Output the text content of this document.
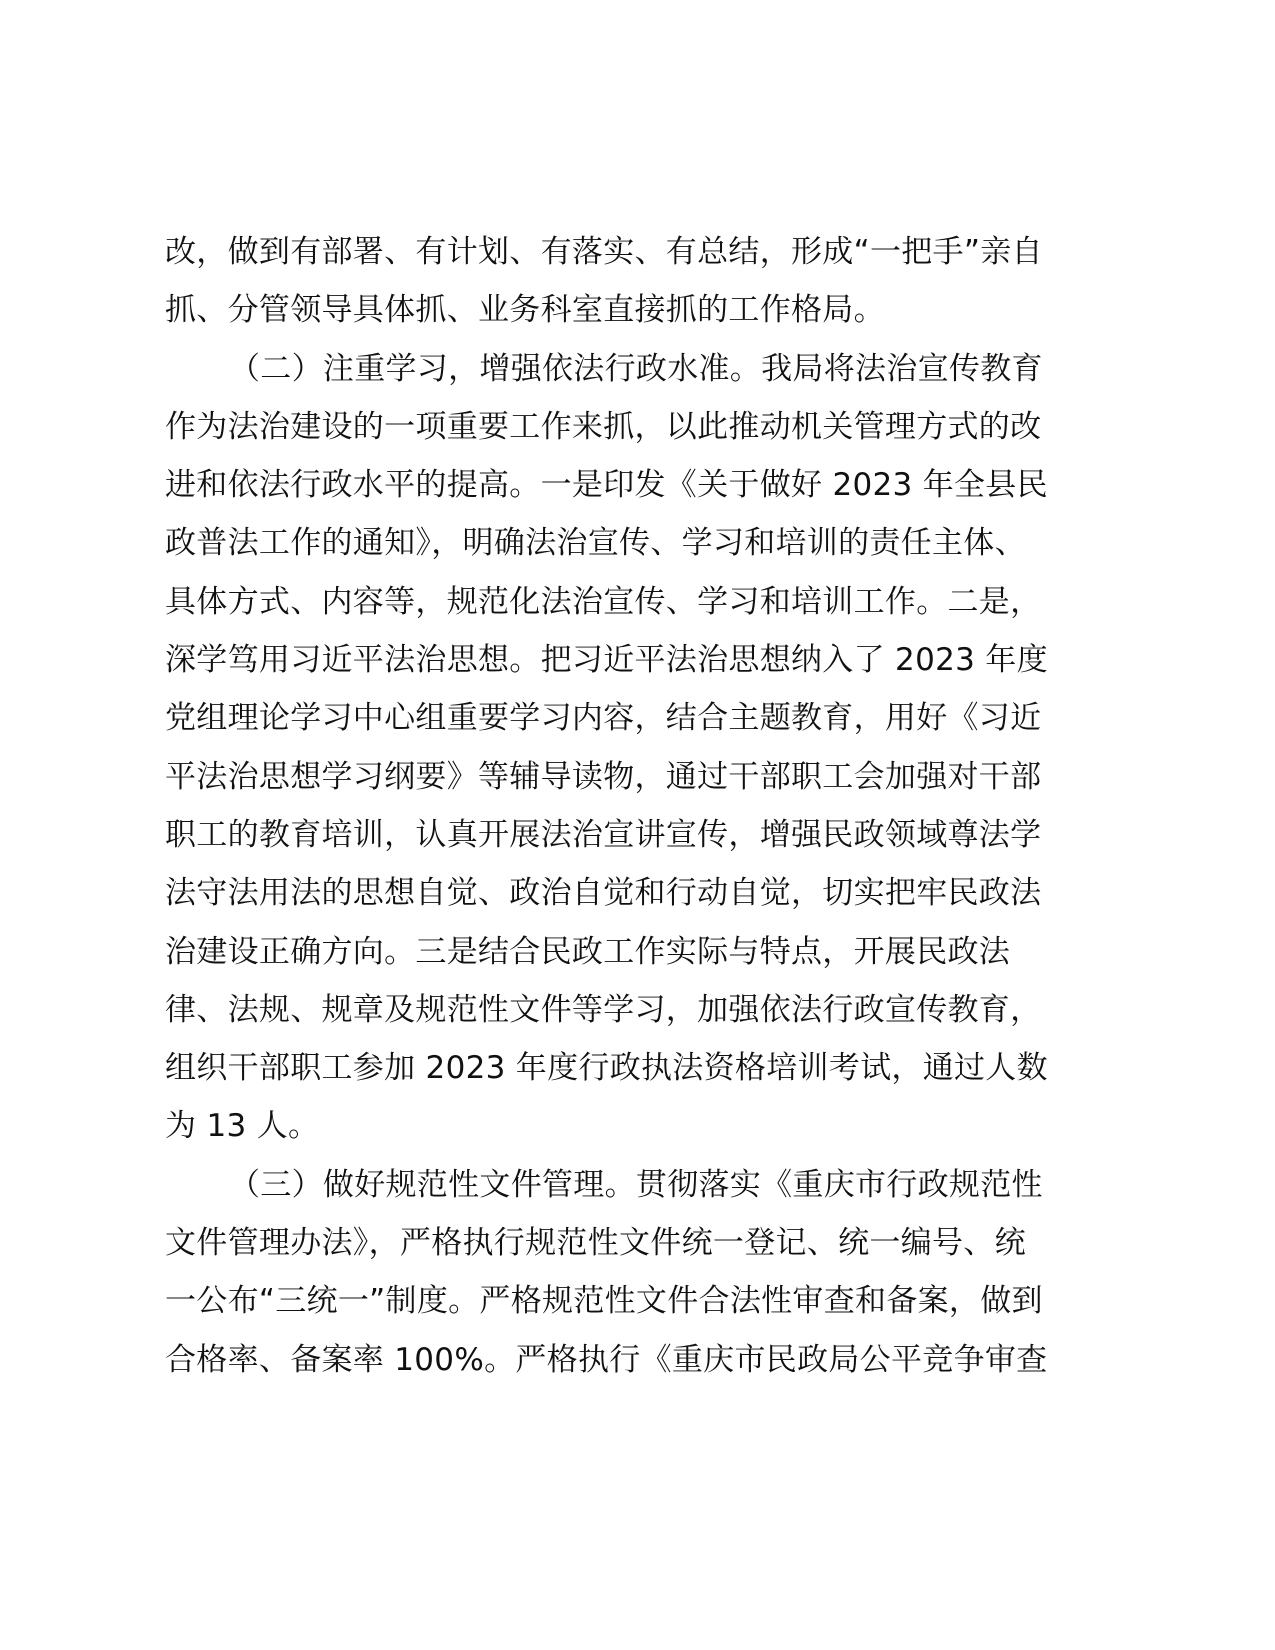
改，做到有部署、有计划、有落实、有总结，形成“一把手”亲自
抓、分管领导具体抓、业务科室直接抓的工作格局。
（二）注重学习，增强依法行政水准。我局将法治宣传教育
作为法治建设的一项重要工作来抓，以此推动机关管理方式的改
进和依法行政水平的提高。一是印发《关于做好 2023 年全县民
政普法工作的通知》，明确法治宣传、学习和培训的责任主体、
具体方式、内容等，规范化法治宣传、学习和培训工作。二是，
深学笃用习近平法治思想。把习近平法治思想纳入了 2023 年度
党组理论学习中心组重要学习内容，结合主题教育，用好《习近
平法治思想学习纲要》等辅导读物，通过干部职工会加强对干部
职工的教育培训，认真开展法治宣讲宣传，增强民政领域尊法学
法守法用法的思想自觉、政治自觉和行动自觉，切实把牢民政法
治建设正确方向。三是结合民政工作实际与特点，开展民政法
律、法规、规章及规范性文件等学习，加强依法行政宣传教育，
组织干部职工参加 2023 年度行政执法资格培训考试，通过人数
为 13 人。
（三）做好规范性文件管理。贯彻落实《重庆市行政规范性
文件管理办法》，严格执行规范性文件统一登记、统一编号、统
一公布“三统一”制度。严格规范性文件合法性审查和备案，做到
合格率、备案率 100%。严格执行《重庆市民政局公平竞争审查
